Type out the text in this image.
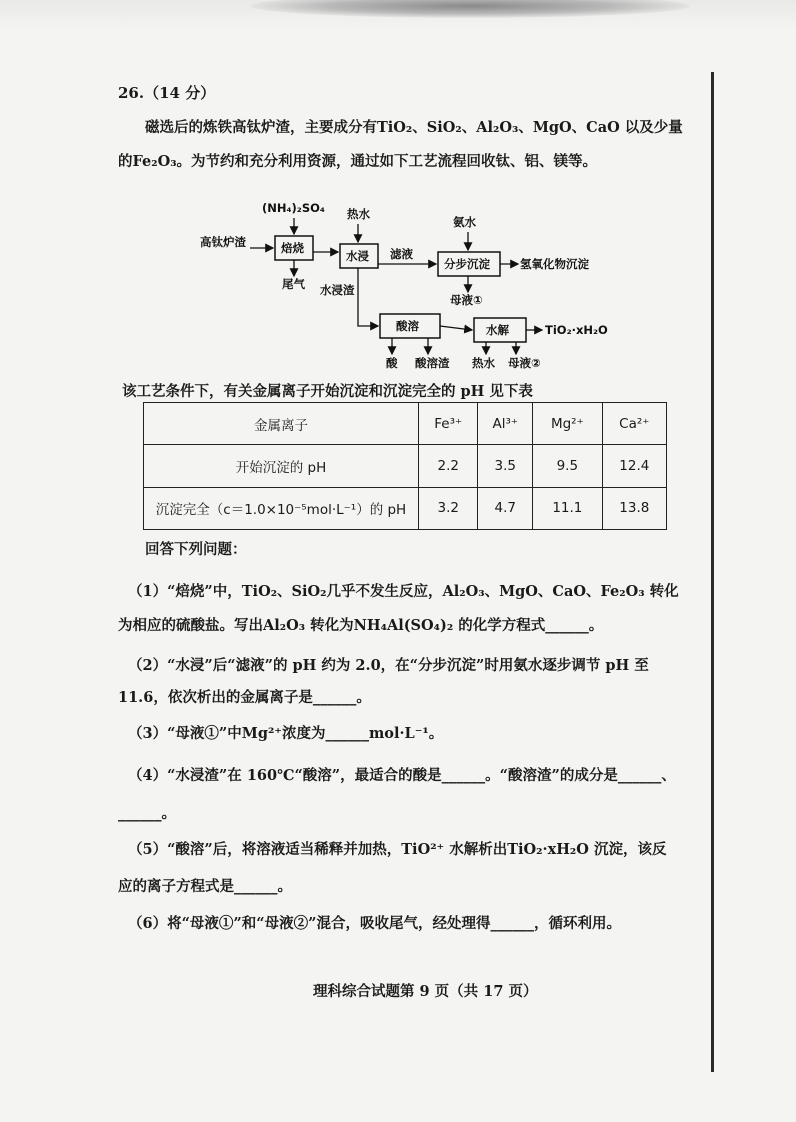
26.（14 分）
磁选后的炼铁高钛炉渣，主要成分有TiO₂、SiO₂、Al₂O₃、MgO、CaO 以及少量
的Fe₂O₃。为节约和充分利用资源，通过如下工艺流程回收钛、铝、镁等。
(NH₄)₂SO₄ 热水
氨水
高钛炉渣	焙烧
水浸 滤液
分步沉淀	氢氧化物沉淀
尾气 水浸渣
母液①
酸溶	水解	TiO₂·xH₂O
酸 酸溶渣 热水 母液②
该工艺条件下，有关金属离子开始沉淀和沉淀完全的 pH 见下表
金属离子	Fe³⁺	Al³⁺	Mg²⁺	Ca²⁺
开始沉淀的 pH	2.2	3.5	9.5	12.4
沉淀完全（c＝1.0×10⁻⁵mol·L⁻¹）的 pH	3.2	4.7	11.1	13.8
回答下列问题：
（1）“焙烧”中，TiO₂、SiO₂几乎不发生反应，Al₂O₃、MgO、CaO、Fe₂O₃ 转化
为相应的硫酸盐。写出Al₂O₃ 转化为NH₄Al(SO₄)₂ 的化学方程式______。
（2）“水浸”后“滤液”的 pH 约为 2.0，在“分步沉淀”时用氨水逐步调节 pH 至
11.6，依次析出的金属离子是______。
（3）“母液①”中Mg²⁺浓度为______mol·L⁻¹。
（4）“水浸渣”在 160℃“酸溶”，最适合的酸是______。“酸溶渣”的成分是______、
______。
（5）“酸溶”后，将溶液适当稀释并加热，TiO²⁺ 水解析出TiO₂·xH₂O 沉淀，该反
应的离子方程式是______。
（6）将“母液①”和“母液②”混合，吸收尾气，经处理得______，循环利用。
理科综合试题第 9 页（共 17 页）
